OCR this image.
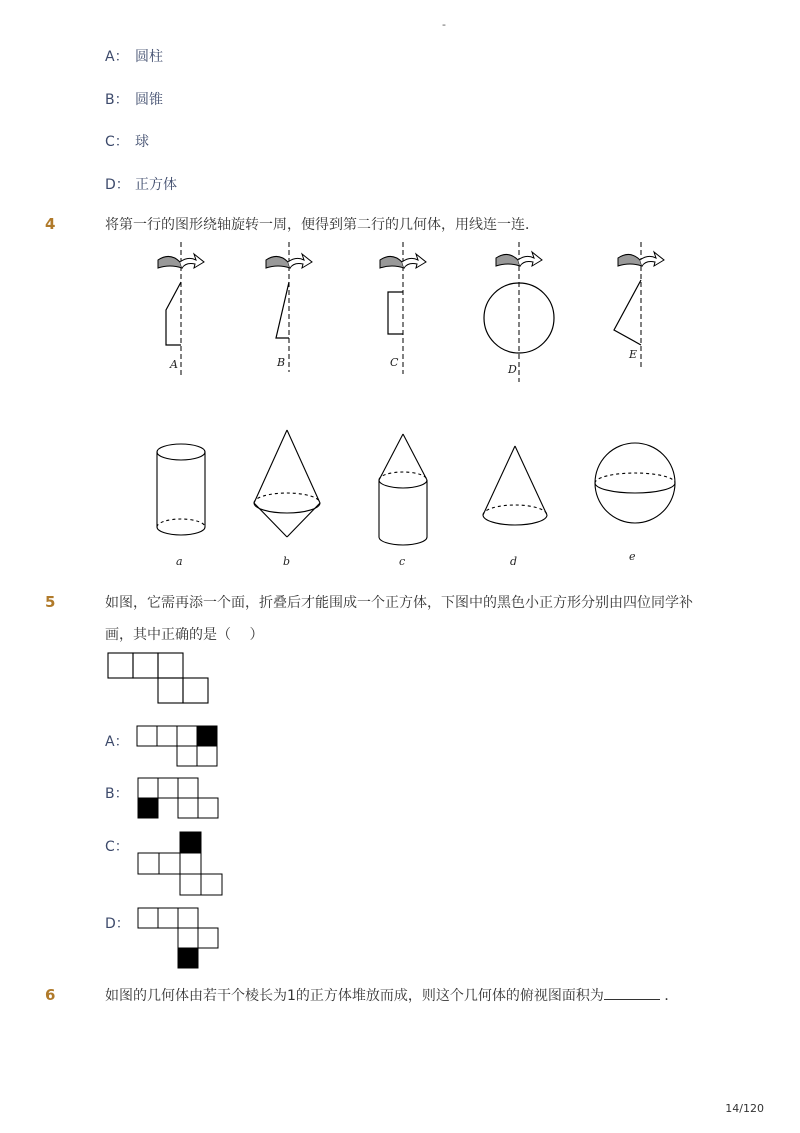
-
A： 圆柱
B： 圆锥
C： 球
D： 正方体
4	将第一行的图形绕轴旋转一周，便得到第二行的几何体，用线连一连．
A	B	C
D
E
a	b	c	d	e
5	如图，它需再添一个面，折叠后才能围成一个正方体，下图中的黑色小正方形分别由四位同学补
画，其中正确的是（　 ）
A：
B：
C：
D：
6	如图的几何体由若干个棱长为1的正方体堆放而成，则这个几何体的俯视图面积为	．
14/120
